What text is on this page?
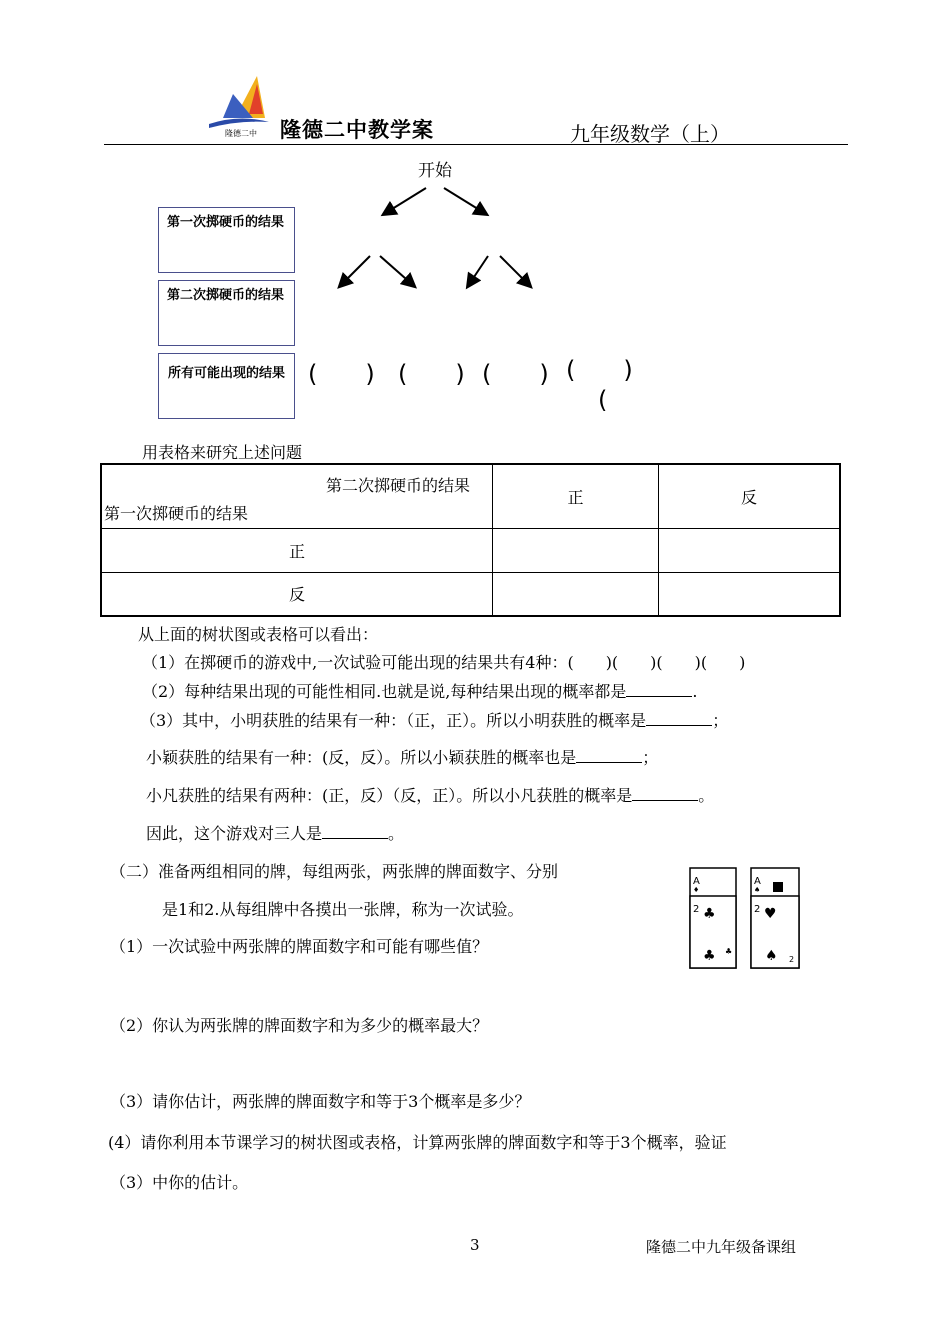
隆德二中 隆德二中教学案	九年级数学（上）
开始
第一次掷硬币的结果
第二次掷硬币的结果
所有可能出现的结果 (　　) (　　) (　　) (　　)
(
用表格来研究上述问题
第二次掷硬币的结果
第一次掷硬币的结果	正	反
正		
反		
从上面的树状图或表格可以看出：
（1）在掷硬币的游戏中,一次试验可能出现的结果共有4种：(　　)(　　)(　　)(　　)
（2）每种结果出现的可能性相同.也就是说,每种结果出现的概率都是	.
（3）其中，小明获胜的结果有一种：（正，正）。所以小明获胜的概率是	；
小颖获胜的结果有一种：(反，反）。所以小颖获胜的概率也是	；
小凡获胜的结果有两种：(正，反）（反，正）。所以小凡获胜的概率是	。
因此，这个游戏对三人是	。
（二）准备两组相同的牌，每组两张，两张牌的牌面数字、分别
是1和2.从每组牌中各摸出一张牌，称为一次试验。
（1）一次试验中两张牌的牌面数字和可能有哪些值？
（2）你认为两张牌的牌面数字和为多少的概率最大？
（3）请你估计，两张牌的牌面数字和等于3个概率是多少？
(4）请你利用本节课学习的树状图或表格，计算两张牌的牌面数字和等于3个概率，验证
（3）中你的估计。
A
♦
2 ♣
♣ ♣
A
♠
2 ♥
♠ 2
3	隆德二中九年级备课组
